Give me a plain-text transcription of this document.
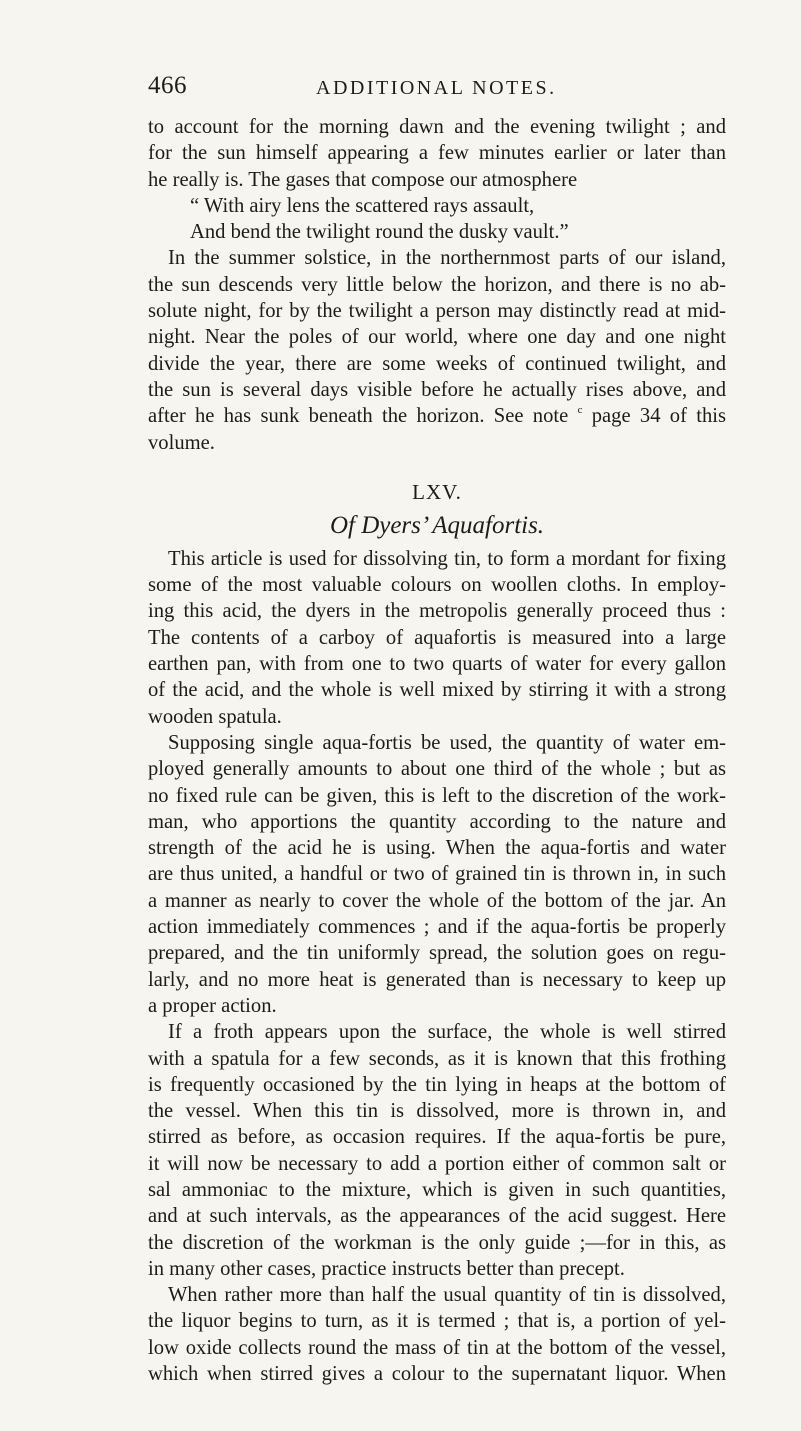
466	ADDITIONAL NOTES.
to account for the morning dawn and the evening twilight ; and
for the sun himself appearing a few minutes earlier or later than
he really is. The gases that compose our atmosphere
“ With airy lens the scattered rays assault,
And bend the twilight round the dusky vault.”
In the summer solstice, in the northernmost parts of our island,
the sun descends very little below the horizon, and there is no ab-
solute night, for by the twilight a person may distinctly read at mid-
night. Near the poles of our world, where one day and one night
divide the year, there are some weeks of continued twilight, and
the sun is several days visible before he actually rises above, and
after he has sunk beneath the horizon. See note $^c$ page 34 of this
volume.
LXV.
Of Dyers’ Aquafortis.
This article is used for dissolving tin, to form a mordant for fixing
some of the most valuable colours on woollen cloths. In employ-
ing this acid, the dyers in the metropolis generally proceed thus :
The contents of a carboy of aquafortis is measured into a large
earthen pan, with from one to two quarts of water for every gallon
of the acid, and the whole is well mixed by stirring it with a strong
wooden spatula.
Supposing single aqua-fortis be used, the quantity of water em-
ployed generally amounts to about one third of the whole ; but as
no fixed rule can be given, this is left to the discretion of the work-
man, who apportions the quantity according to the nature and
strength of the acid he is using. When the aqua-fortis and water
are thus united, a handful or two of grained tin is thrown in, in such
a manner as nearly to cover the whole of the bottom of the jar. An
action immediately commences ; and if the aqua-fortis be properly
prepared, and the tin uniformly spread, the solution goes on regu-
larly, and no more heat is generated than is necessary to keep up
a proper action.
If a froth appears upon the surface, the whole is well stirred
with a spatula for a few seconds, as it is known that this frothing
is frequently occasioned by the tin lying in heaps at the bottom of
the vessel. When this tin is dissolved, more is thrown in, and
stirred as before, as occasion requires. If the aqua-fortis be pure,
it will now be necessary to add a portion either of common salt or
sal ammoniac to the mixture, which is given in such quantities,
and at such intervals, as the appearances of the acid suggest. Here
the discretion of the workman is the only guide ;—for in this, as
in many other cases, practice instructs better than precept.
When rather more than half the usual quantity of tin is dissolved,
the liquor begins to turn, as it is termed ; that is, a portion of yel-
low oxide collects round the mass of tin at the bottom of the vessel,
which when stirred gives a colour to the supernatant liquor. When
